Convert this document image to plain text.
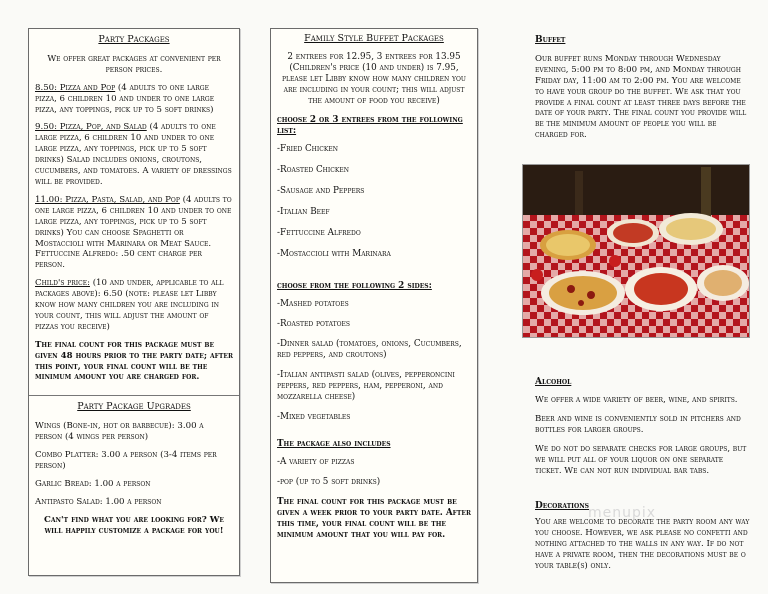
Party Packages

We offer great packages at convenient per person prices.

8.50: Pizza and Pop (4 adults to one large pizza, 6 children 10 and under to one large pizza, any toppings, pick up to 5 soft drinks)

9.50: Pizza, Pop, and Salad (4 adults to one large pizza, 6 children 10 and under to one large pizza, any toppings, pick up to 5 soft drinks) Salad includes onions, croutons, cucumbers, and tomatoes. A variety of dressings will be provided.

11.00: Pizza, Pasta, Salad, and Pop (4 adults to one large pizza, 6 children 10 and under to one large pizza, any toppings, pick up to 5 soft drinks) You can choose Spaghetti or Mostaccioli with Marinara or Meat Sauce. Fettuccine Alfredo: .50 cent charge per person.

Child's price: (10 and under, applicable to all packages above): 6.50 (note: please let Libby know how many children you are including in your count, this will adjust the amount of pizzas you receive)

The final count for this package must be given 48 hours prior to the party date; after this point, your final count will be the minimum amount you are charged for.

Party Package Upgrades

Wings (Bone-in, hot or barbecue): 3.00 a person (4 wings per person)

Combo Platter: 3.00 a person (3-4 items per person)

Garlic Bread: 1.00 a person

Antipasto Salad: 1.00 a person

Can't find what you are looking for? We will happily customize a package for you!

Family Style Buffet Packages

2 entrees for 12.95, 3 entrees for 13.95 (Children's price (10 and under) is 7.95, please let Libby know how many children you are including in your count; this will adjust the amount of food you receive)

choose 2 or 3 entrees from the following list:

-Fried Chicken

-Roasted Chicken

-Sausage and Peppers

-Italian Beef

-Fettuccine Alfredo

-Mostaccioli with Marinara

choose from the following 2 sides:

-Mashed potatoes

-Roasted potatoes

-Dinner salad (tomatoes, onions, Cucumbers, red peppers, and croutons)

-Italian antipasti salad (olives, pepperoncini peppers, red peppers, ham, pepperoni, and mozzarella cheese)

-Mixed vegetables

The package also includes

-A variety of pizzas

-pop (up to 5 soft drinks)

The final count for this package must be given a week prior to your party date. After this time, your final count will be the minimum amount that you will pay for.

Buffet

Our buffet runs Monday through Wednesday evening, 5:00 pm to 8:00 pm, and Monday through Friday day, 11:00 am to 2:00 pm. You are welcome to have your group do the buffet. We ask that you provide a final count at least three days before the date of your party. The final count you provide will be the minimum amount of people you will be charged for.

Alcohol

We offer a wide variety of beer, wine, and spirits.

Beer and wine is conveniently sold in pitchers and bottles for larger groups.

We do not do separate checks for large groups, but we will put all of your liquor on one separate ticket. We can not run individual bar tabs.

Decorations

You are welcome to decorate the party room any way you choose. However, we ask please no confetti and nothing attached to the walls in any way. If do not have a private room, then the decorations must be o your table(s) only.

menupix
